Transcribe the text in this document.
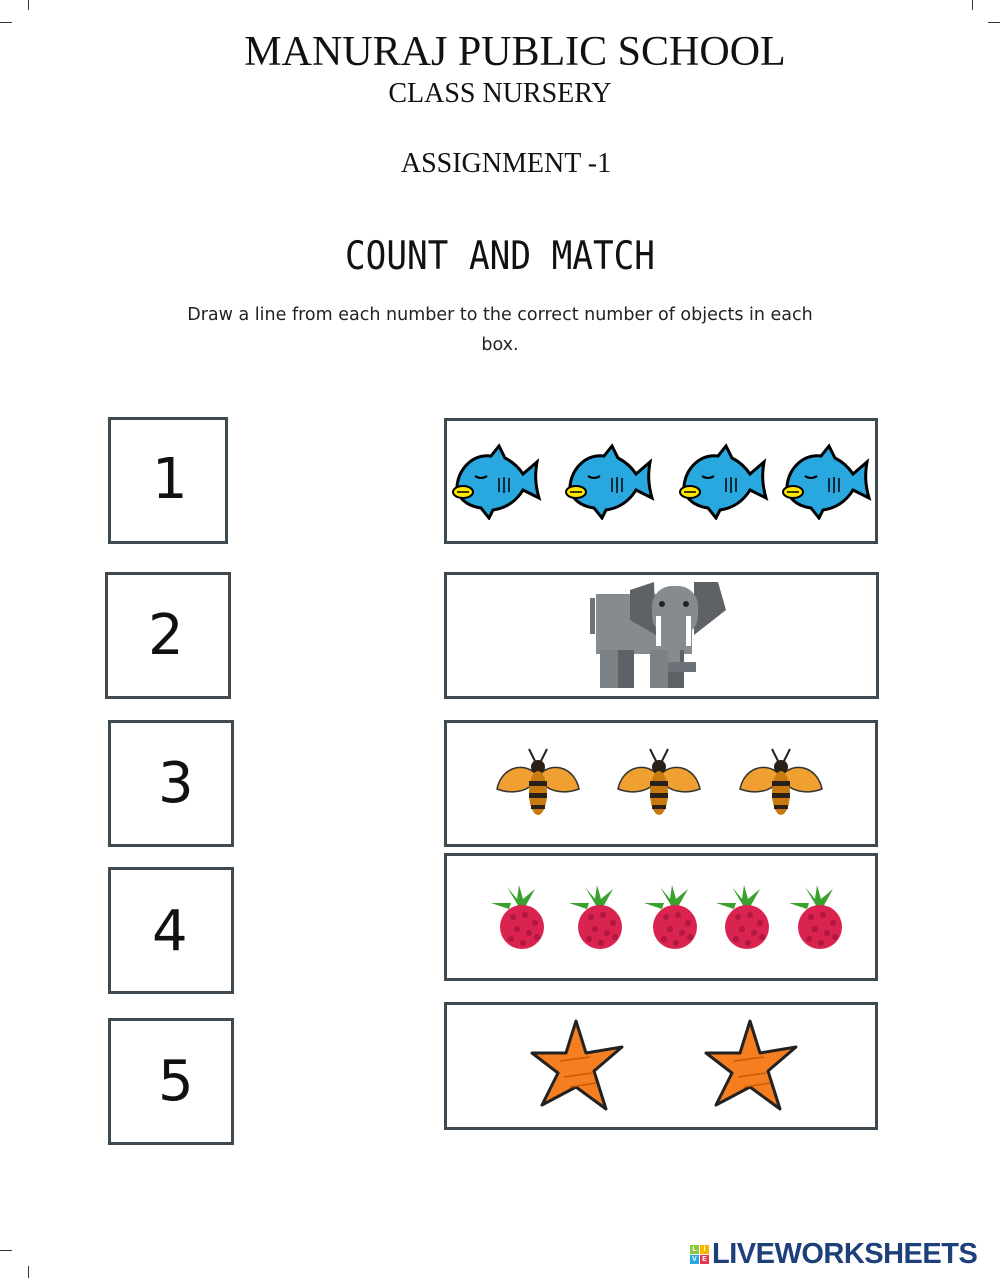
MANURAJ PUBLIC SCHOOL
CLASS NURSERY
ASSIGNMENT -1
COUNT AND MATCH
Draw a line from each number to the correct number of objects in each box.
1
2
3
4
5
L I
V E LIVEWORKSHEETS
